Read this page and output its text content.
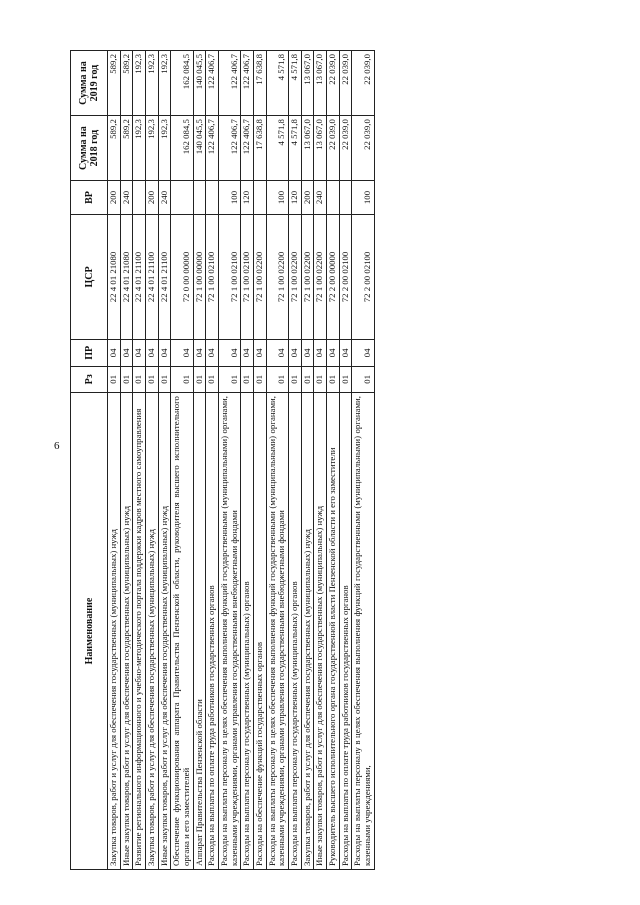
6
Наименование	Рз	ПР	ЦСР	ВР	Сумма на 2018 год	Сумма на 2019 год
Закупка товаров, работ и услуг для обеспечения государственных (муниципальных) нужд	01	04	22 4 01 21080	200	589,2	589,2
Иные закупки товаров, работ и услуг для обеспечения государственных (муниципальных) нужд	01	04	22 4 01 21080	240	589,2	589,2
Развитие регионального информационного и учебно-методического портала поддержки кадров местного самоуправления	01	04	22 4 01 21100		192,3	192,3
Закупка товаров, работ и услуг для обеспечения государственных (муниципальных) нужд	01	04	22 4 01 21100	200	192,3	192,3
Иные закупки товаров, работ и услуг для обеспечения государственных (муниципальных) нужд	01	04	22 4 01 21100	240	192,3	192,3
Обеспечение функционирования аппарата Правительства Пензенской области, руководителя высшего исполнительного органа и его заместителей	01	04	72 0 00 00000		162 084,5	162 084,5
Аппарат Правительства Пензенской области	01	04	72 1 00 00000		140 045,5	140 045,5
Расходы на выплаты по оплате труда работников государственных органов	01	04	72 1 00 02100		122 406,7	122 406,7
Расходы на выплаты персоналу в целях обеспечения выполнения функций государственными (муниципальными) органами, казенными учреждениями, органами управления государственными внебюджетными фондами	01	04	72 1 00 02100	100	122 406,7	122 406,7
Расходы на выплаты персоналу государственных (муниципальных) органов	01	04	72 1 00 02100	120	122 406,7	122 406,7
Расходы на обеспечение функций государственных органов	01	04	72 1 00 02200		17 638,8	17 638,8
Расходы на выплаты персоналу в целях обеспечения выполнения функций государственными (муниципальными) органами, казенными учреждениями, органами управления государственными внебюджетными фондами	01	04	72 1 00 02200	100	4 571,8	4 571,8
Расходы на выплаты персоналу государственных (муниципальных) органов	01	04	72 1 00 02200	120	4 571,8	4 571,8
Закупка товаров, работ и услуг для обеспечения государственных (муниципальных) нужд	01	04	72 1 00 02200	200	13 067,0	13 067,0
Иные закупки товаров, работ и услуг для обеспечения государственных (муниципальных) нужд	01	04	72 1 00 02200	240	13 067,0	13 067,0
Руководитель высшего исполнительного органа государственной власти Пензенской области и его заместители	01	04	72 2 00 00000		22 039,0	22 039,0
Расходы на выплаты по оплате труда работников государственных органов	01	04	72 2 00 02100		22 039,0	22 039,0
Расходы на выплаты персоналу в целях обеспечения выполнения функций государственными (муниципальными) органами, казенными учреждениями,	01	04	72 2 00 02100	100	22 039,0	22 039,0
